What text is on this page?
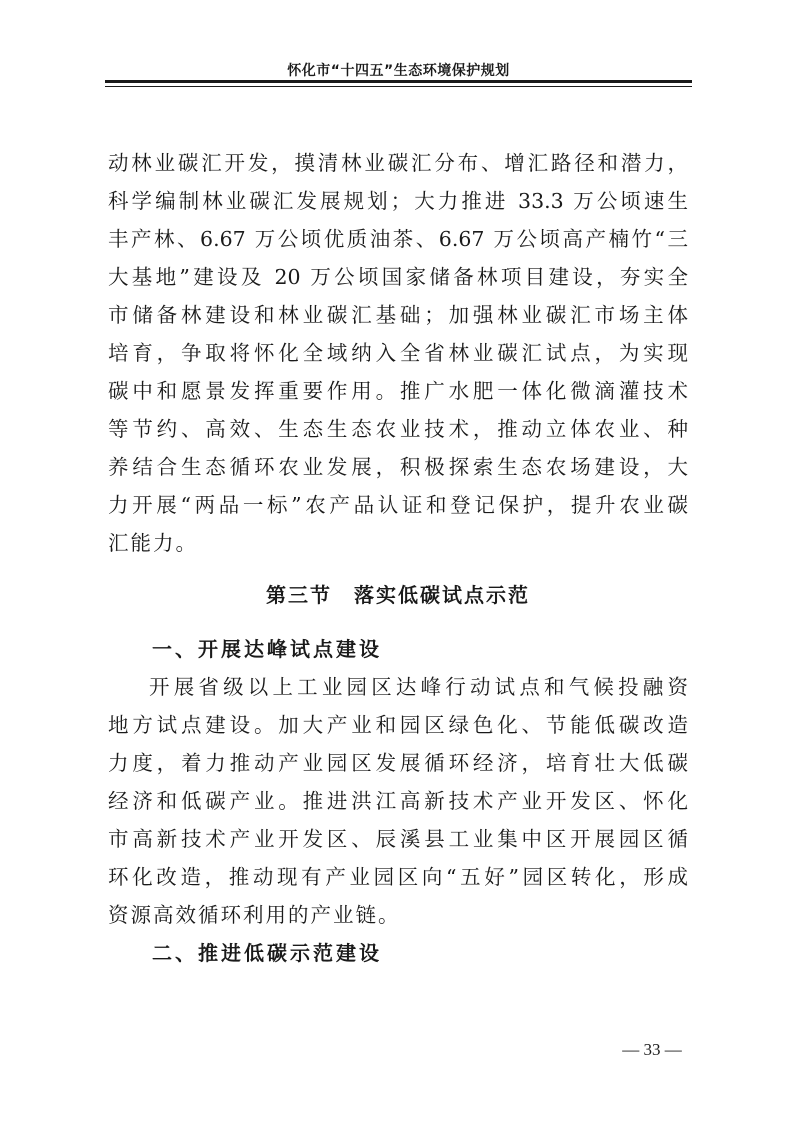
怀化市“十四五”生态环境保护规划
动林业碳汇开发，摸清林业碳汇分布、增汇路径和潜力，
科学编制林业碳汇发展规划；大力推进 33.3 万公顷速生
丰产林、6.67 万公顷优质油茶、6.67 万公顷高产楠竹“三
大基地”建设及 20 万公顷国家储备林项目建设，夯实全
市储备林建设和林业碳汇基础；加强林业碳汇市场主体
培育，争取将怀化全域纳入全省林业碳汇试点，为实现
碳中和愿景发挥重要作用。推广水肥一体化微滴灌技术
等节约、高效、生态生态农业技术，推动立体农业、种
养结合生态循环农业发展，积极探索生态农场建设，大
力开展“两品一标”农产品认证和登记保护，提升农业碳
汇能力。
第三节　落实低碳试点示范
一、开展达峰试点建设
开展省级以上工业园区达峰行动试点和气候投融资
地方试点建设。加大产业和园区绿色化、节能低碳改造
力度，着力推动产业园区发展循环经济，培育壮大低碳
经济和低碳产业。推进洪江高新技术产业开发区、怀化
市高新技术产业开发区、辰溪县工业集中区开展园区循
环化改造，推动现有产业园区向“五好”园区转化，形成
资源高效循环利用的产业链。
二、推进低碳示范建设
— 33 —
